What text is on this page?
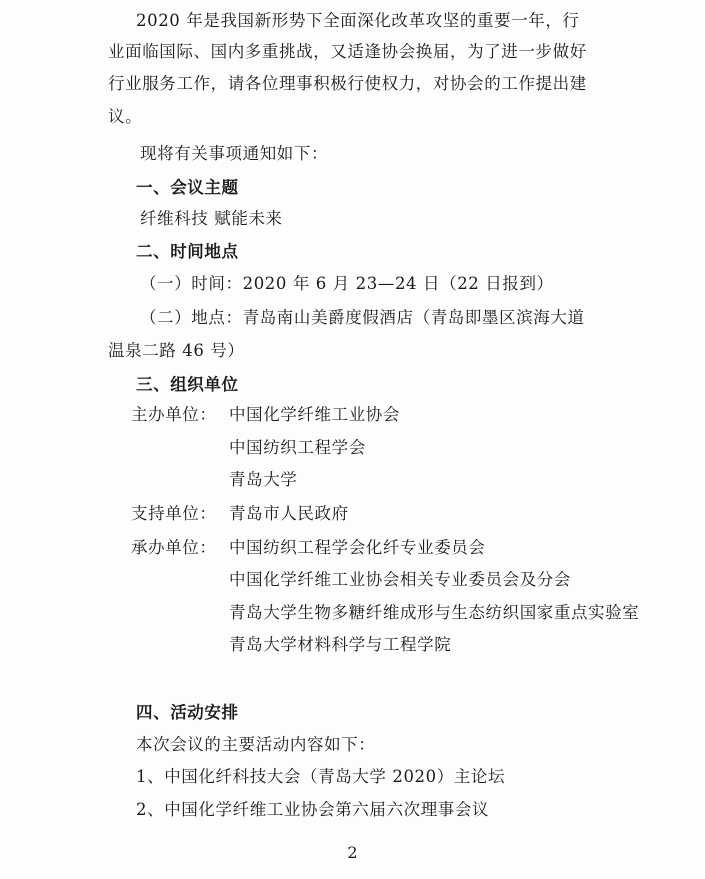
2020 年是我国新形势下全面深化改革攻坚的重要一年，行
业面临国际、国内多重挑战，又适逢协会换届，为了进一步做好
行业服务工作，请各位理事积极行使权力，对协会的工作提出建
议。
现将有关事项通知如下：
一、会议主题
纤维科技 赋能未来
二、时间地点
（一）时间：2020 年 6 月 23—24 日（22 日报到）
（二）地点：青岛南山美爵度假酒店（青岛即墨区滨海大道
温泉二路 46 号）
三、组织单位
主办单位： 中国化学纤维工业协会
中国纺织工程学会
青岛大学
支持单位： 青岛市人民政府
承办单位： 中国纺织工程学会化纤专业委员会
中国化学纤维工业协会相关专业委员会及分会
青岛大学生物多糖纤维成形与生态纺织国家重点实验室
青岛大学材料科学与工程学院
四、活动安排
本次会议的主要活动内容如下：
1、中国化纤科技大会（青岛大学 2020）主论坛
2、中国化学纤维工业协会第六届六次理事会议
2
